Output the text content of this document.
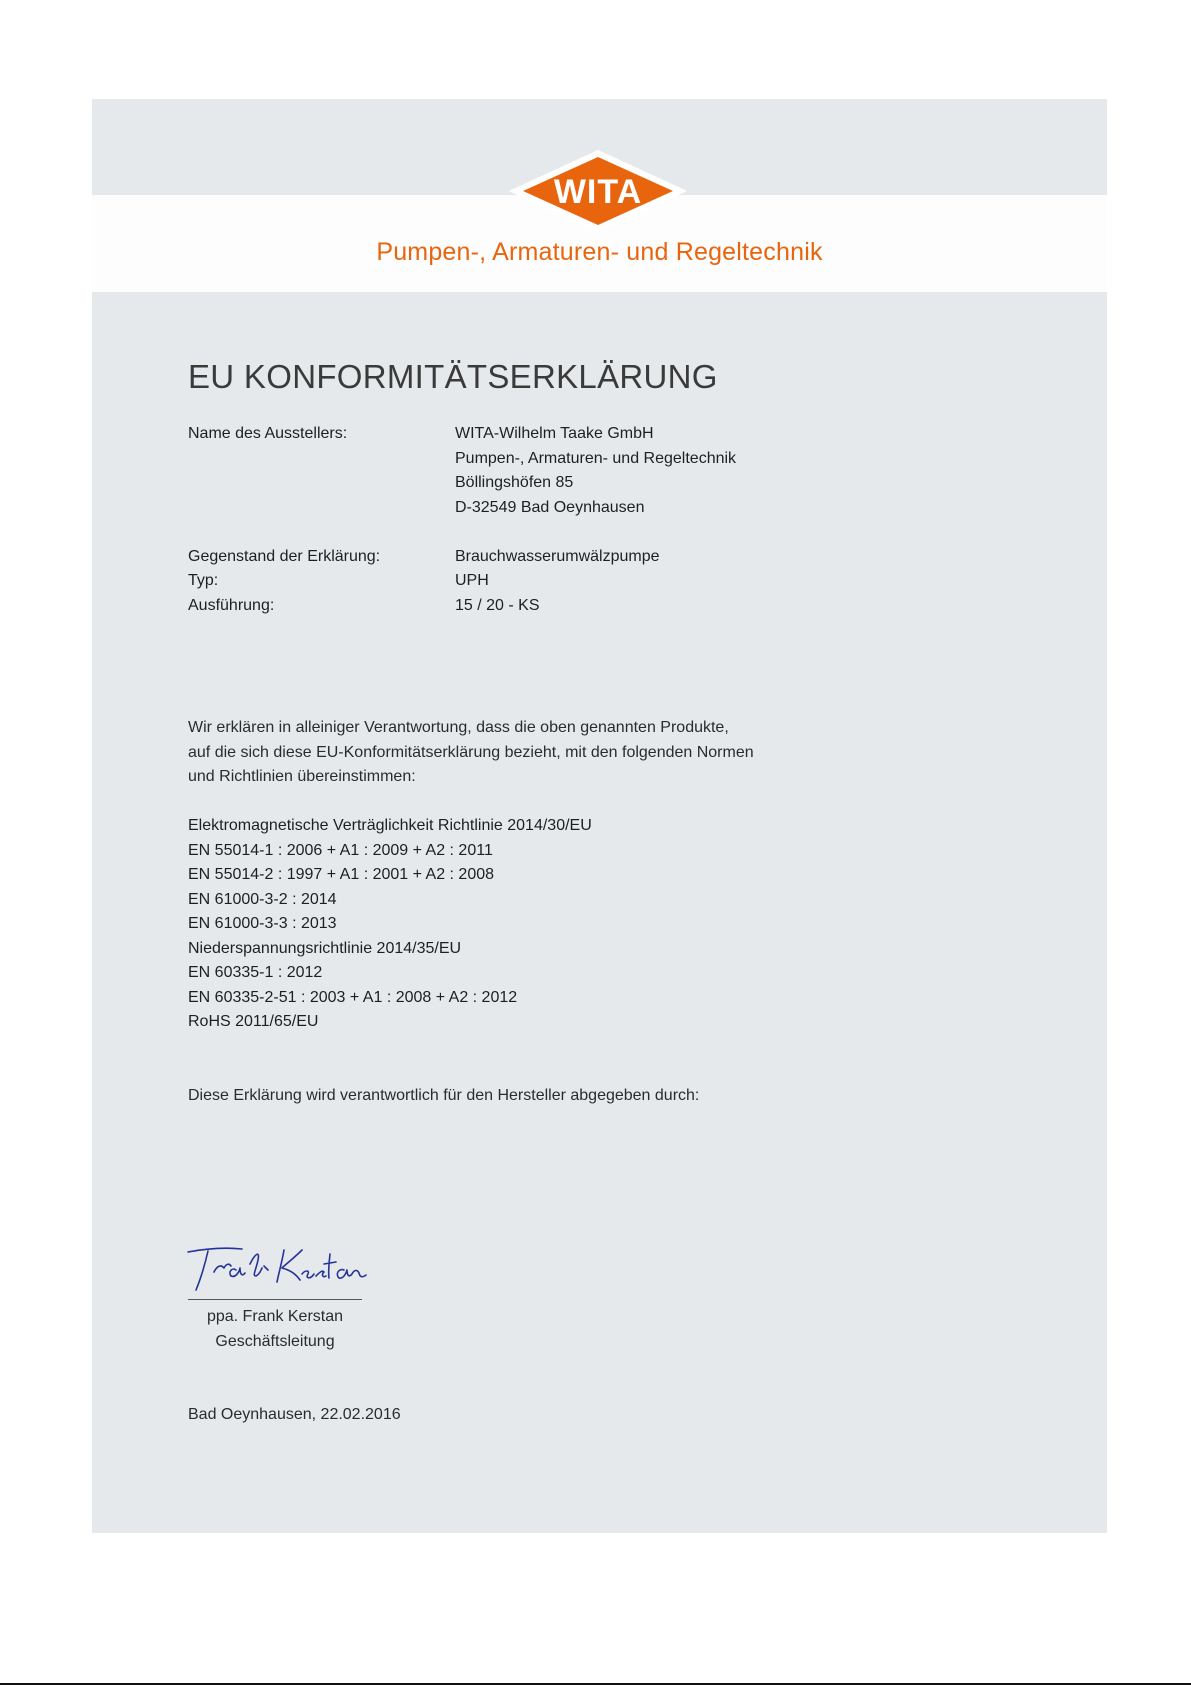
WITA
Pumpen-, Armaturen- und Regeltechnik
EU KONFORMITÄTSERKLÄRUNG
Name des Ausstellers:	WITA-Wilhelm Taake GmbH
Pumpen-, Armaturen- und Regeltechnik
Böllingshöfen 85
D-32549 Bad Oeynhausen
Gegenstand der Erklärung:	Brauchwasserumwälzpumpe
Typ:	UPH
Ausführung:	15 / 20 - KS
Wir erklären in alleiniger Verantwortung, dass die oben genannten Produkte,
auf die sich diese EU-Konformitätserklärung bezieht, mit den folgenden Normen
und Richtlinien übereinstimmen:
Elektromagnetische Verträglichkeit Richtlinie 2014/30/EU
EN 55014-1 : 2006 + A1 : 2009 + A2 : 2011
EN 55014-2 : 1997 + A1 : 2001 + A2 : 2008
EN 61000-3-2 : 2014
EN 61000-3-3 : 2013
Niederspannungsrichtlinie 2014/35/EU
EN 60335-1 : 2012
EN 60335-2-51 : 2003 + A1 : 2008 + A2 : 2012
RoHS 2011/65/EU
Diese Erklärung wird verantwortlich für den Hersteller abgegeben durch:
ppa. Frank Kerstan
Geschäftsleitung
Bad Oeynhausen, 22.02.2016
